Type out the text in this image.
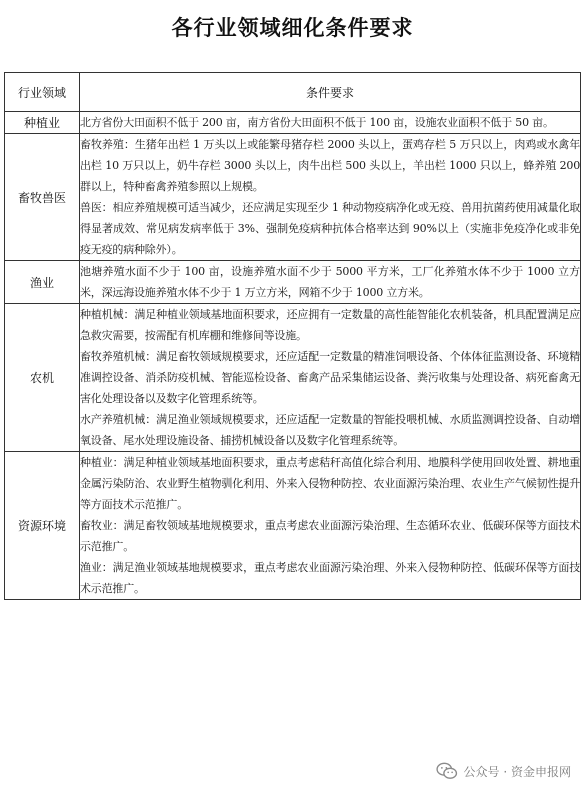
各行业领域细化条件要求
行业领域	条件要求
种植业	北方省份大田面积不低于 200 亩，南方省份大田面积不低于 100 亩，设施农业面积不低于 50 亩。

畜牧兽医	畜牧养殖：生猪年出栏 1 万头以上或能繁母猪存栏 2000 头以上，蛋鸡存栏 5 万只以上，肉鸡或水禽年出栏 10 万只以上，奶牛存栏 3000 头以上，肉牛出栏 500 头以上，羊出栏 1000 只以上，蜂养殖 200 群以上，特种畜禽养殖参照以上规模。
兽医：相应养殖规模可适当减少，还应满足实现至少 1 种动物疫病净化或无疫、兽用抗菌药使用减量化取得显著成效、常见病发病率低于 3%、强制免疫病种抗体合格率达到 90%以上（实施非免疫净化或非免疫无疫的病种除外）。

渔业	池塘养殖水面不少于 100 亩，设施养殖水面不少于 5000 平方米，工厂化养殖水体不少于 1000 立方米，深远海设施养殖水体不少于 1 万立方米，网箱不少于 1000 立方米。

农机	种植机械：满足种植业领域基地面积要求，还应拥有一定数量的高性能智能化农机装备，机具配置满足应急救灾需要，按需配有机库棚和维修间等设施。
畜牧养殖机械：满足畜牧领域规模要求，还应适配一定数量的精准饲喂设备、个体体征监测设备、环境精准调控设备、消杀防疫机械、智能巡检设备、畜禽产品采集储运设备、粪污收集与处理设备、病死畜禽无害化处理设备以及数字化管理系统等。
水产养殖机械：满足渔业领域规模要求，还应适配一定数量的智能投喂机械、水质监测调控设备、自动增氧设备、尾水处理设施设备、捕捞机械设备以及数字化管理系统等。

资源环境	种植业：满足种植业领域基地面积要求，重点考虑秸秆高值化综合利用、地膜科学使用回收处置、耕地重金属污染防治、农业野生植物驯化利用、外来入侵物种防控、农业面源污染治理、农业生产气候韧性提升等方面技术示范推广。
畜牧业：满足畜牧领域基地规模要求，重点考虑农业面源污染治理、生态循环农业、低碳环保等方面技术示范推广。
渔业：满足渔业领域基地规模要求，重点考虑农业面源污染治理、外来入侵物种防控、低碳环保等方面技术示范推广。
公众号 · 资金申报网
